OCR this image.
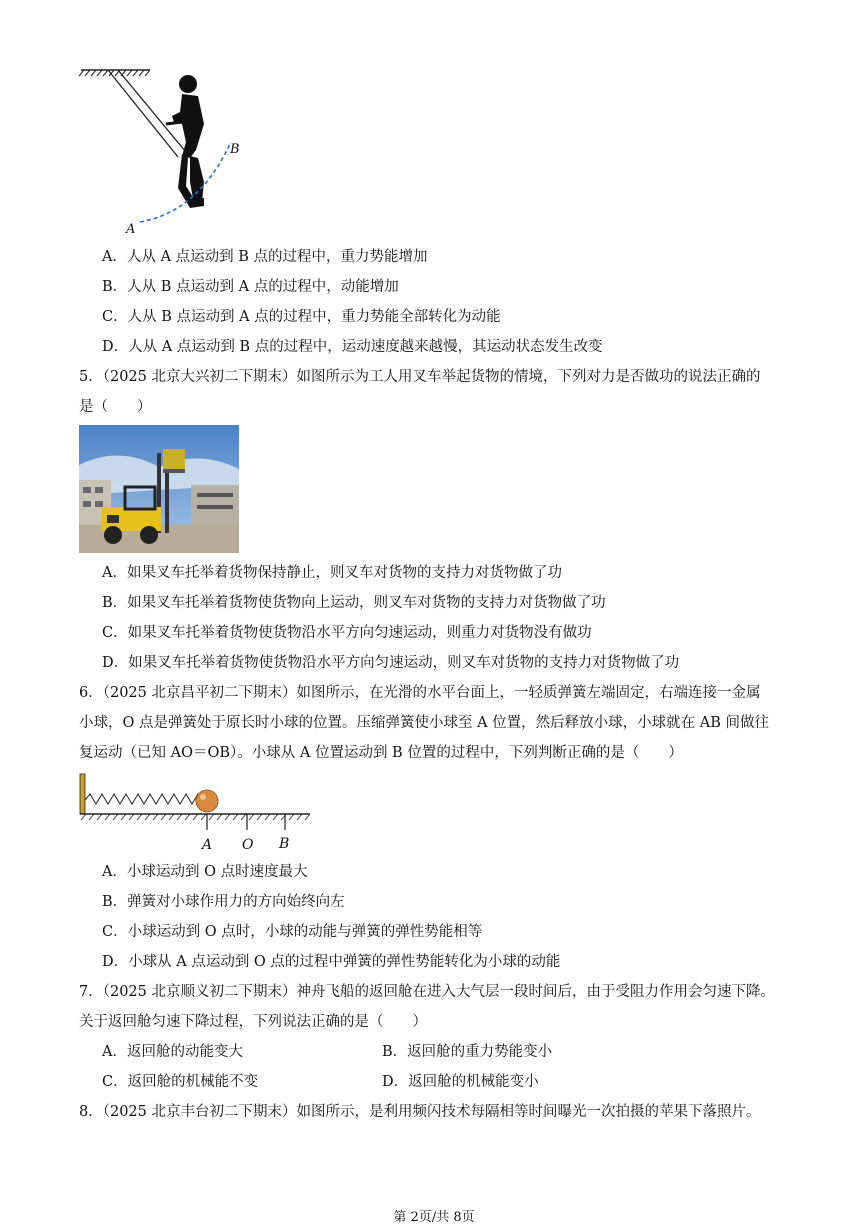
A
B
A．人从 A 点运动到 B 点的过程中，重力势能增加
B．人从 B 点运动到 A 点的过程中，动能增加
C．人从 B 点运动到 A 点的过程中，重力势能全部转化为动能
D．人从 A 点运动到 B 点的过程中，运动速度越来越慢，其运动状态发生改变
5．（2025 北京大兴初二下期末）如图所示为工人用叉车举起货物的情境，下列对力是否做功的说法正确的
是（　　）
A．如果叉车托举着货物保持静止，则叉车对货物的支持力对货物做了功
B．如果叉车托举着货物使货物向上运动，则叉车对货物的支持力对货物做了功
C．如果叉车托举着货物使货物沿水平方向匀速运动，则重力对货物没有做功
D．如果叉车托举着货物使货物沿水平方向匀速运动，则叉车对货物的支持力对货物做了功
6．（2025 北京昌平初二下期末）如图所示，在光滑的水平台面上，一轻质弹簧左端固定，右端连接一金属
小球，O 点是弹簧处于原长时小球的位置。压缩弹簧使小球至 A 位置，然后释放小球，小球就在 AB 间做往
复运动（已知 AO＝OB）。小球从 A 位置运动到 B 位置的过程中，下列判断正确的是（　　）
A O B
A．小球运动到 O 点时速度最大
B．弹簧对小球作用力的方向始终向左
C．小球运动到 O 点时，小球的动能与弹簧的弹性势能相等
D．小球从 A 点运动到 O 点的过程中弹簧的弹性势能转化为小球的动能
7．（2025 北京顺义初二下期末）神舟飞船的返回舱在进入大气层一段时间后，由于受阻力作用会匀速下降。
关于返回舱匀速下降过程，下列说法正确的是（　　）
A．返回舱的动能变大	B．返回舱的重力势能变小
C．返回舱的机械能不变	D．返回舱的机械能变小
8．（2025 北京丰台初二下期末）如图所示，是利用频闪技术每隔相等时间曝光一次拍摄的苹果下落照片。
第 2页/共 8页
